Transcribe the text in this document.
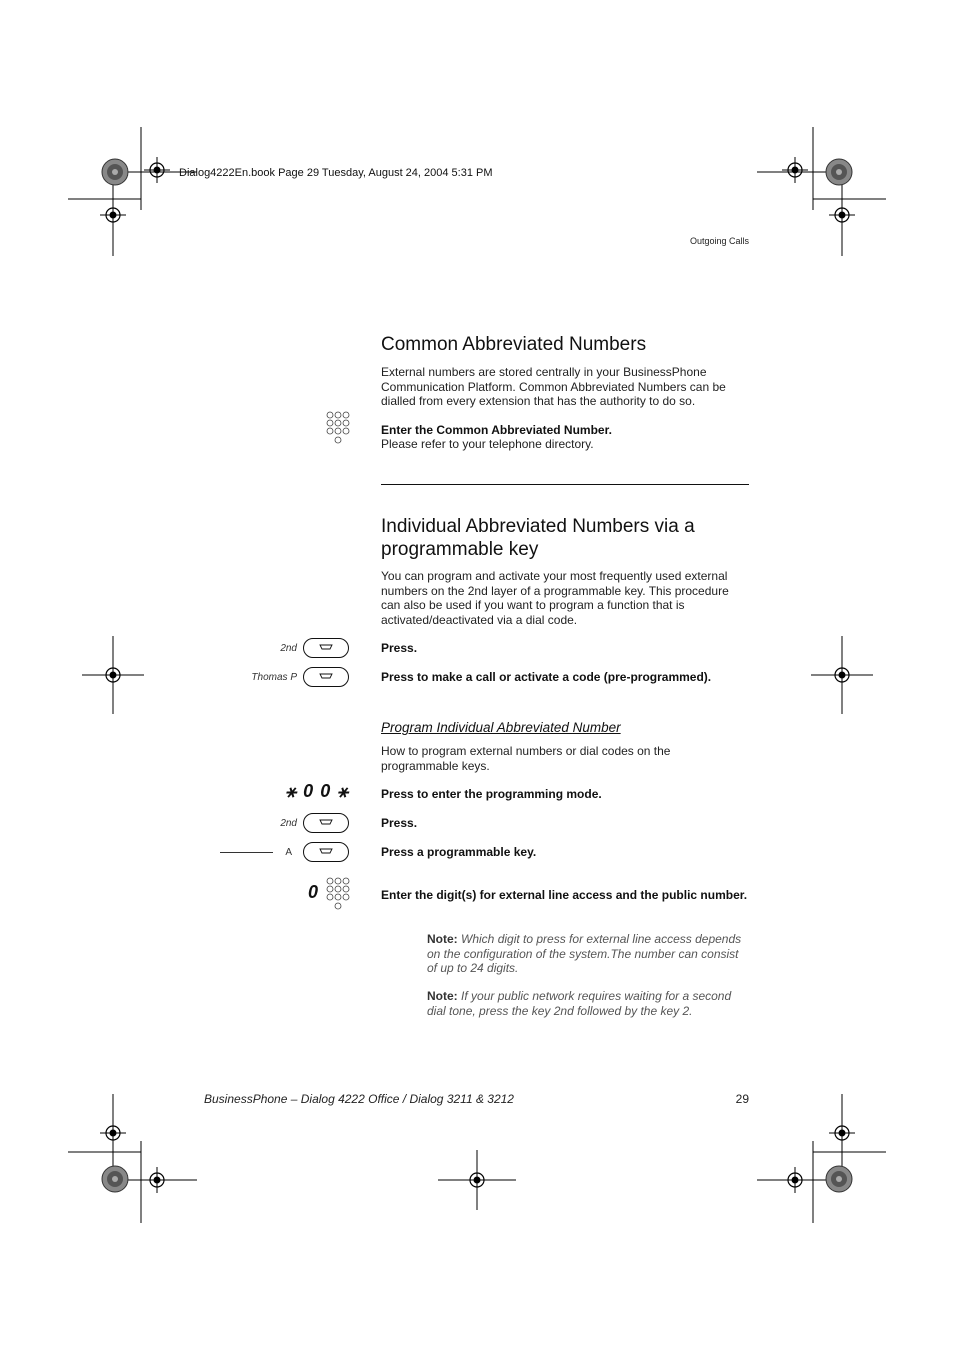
Dialog4222En.book Page 29 Tuesday, August 24, 2004 5:31 PM
Outgoing Calls
Common Abbreviated Numbers
External numbers are stored centrally in your BusinessPhone Communication Platform. Common Abbreviated Numbers can be dialled from every extension that has the authority to do so.
Enter the Common Abbreviated Number.
Please refer to your telephone directory.
Individual Abbreviated Numbers via a programmable key
You can program and activate your most frequently used external numbers on the 2nd layer of a programmable key. This procedure can also be used if you want to program a function that is activated/deactivated via a dial code.
2nd	Press.
Thomas P	Press to make a call or activate a code (pre-programmed).
Program Individual Abbreviated Number
How to program external numbers or dial codes on the programmable keys.
⚹ 0 0 ⚹	Press to enter the programming mode.
2nd	Press.
A	Press a programmable key.
0	Enter the digit(s) for external line access and the public number.
Note: Which digit to press for external line access depends on the configuration of the system.The number can consist of up to 24 digits.
Note: If your public network requires waiting for a second dial tone, press the key 2nd followed by the key 2.
BusinessPhone – Dialog 4222 Office / Dialog 3211 & 3212	29
